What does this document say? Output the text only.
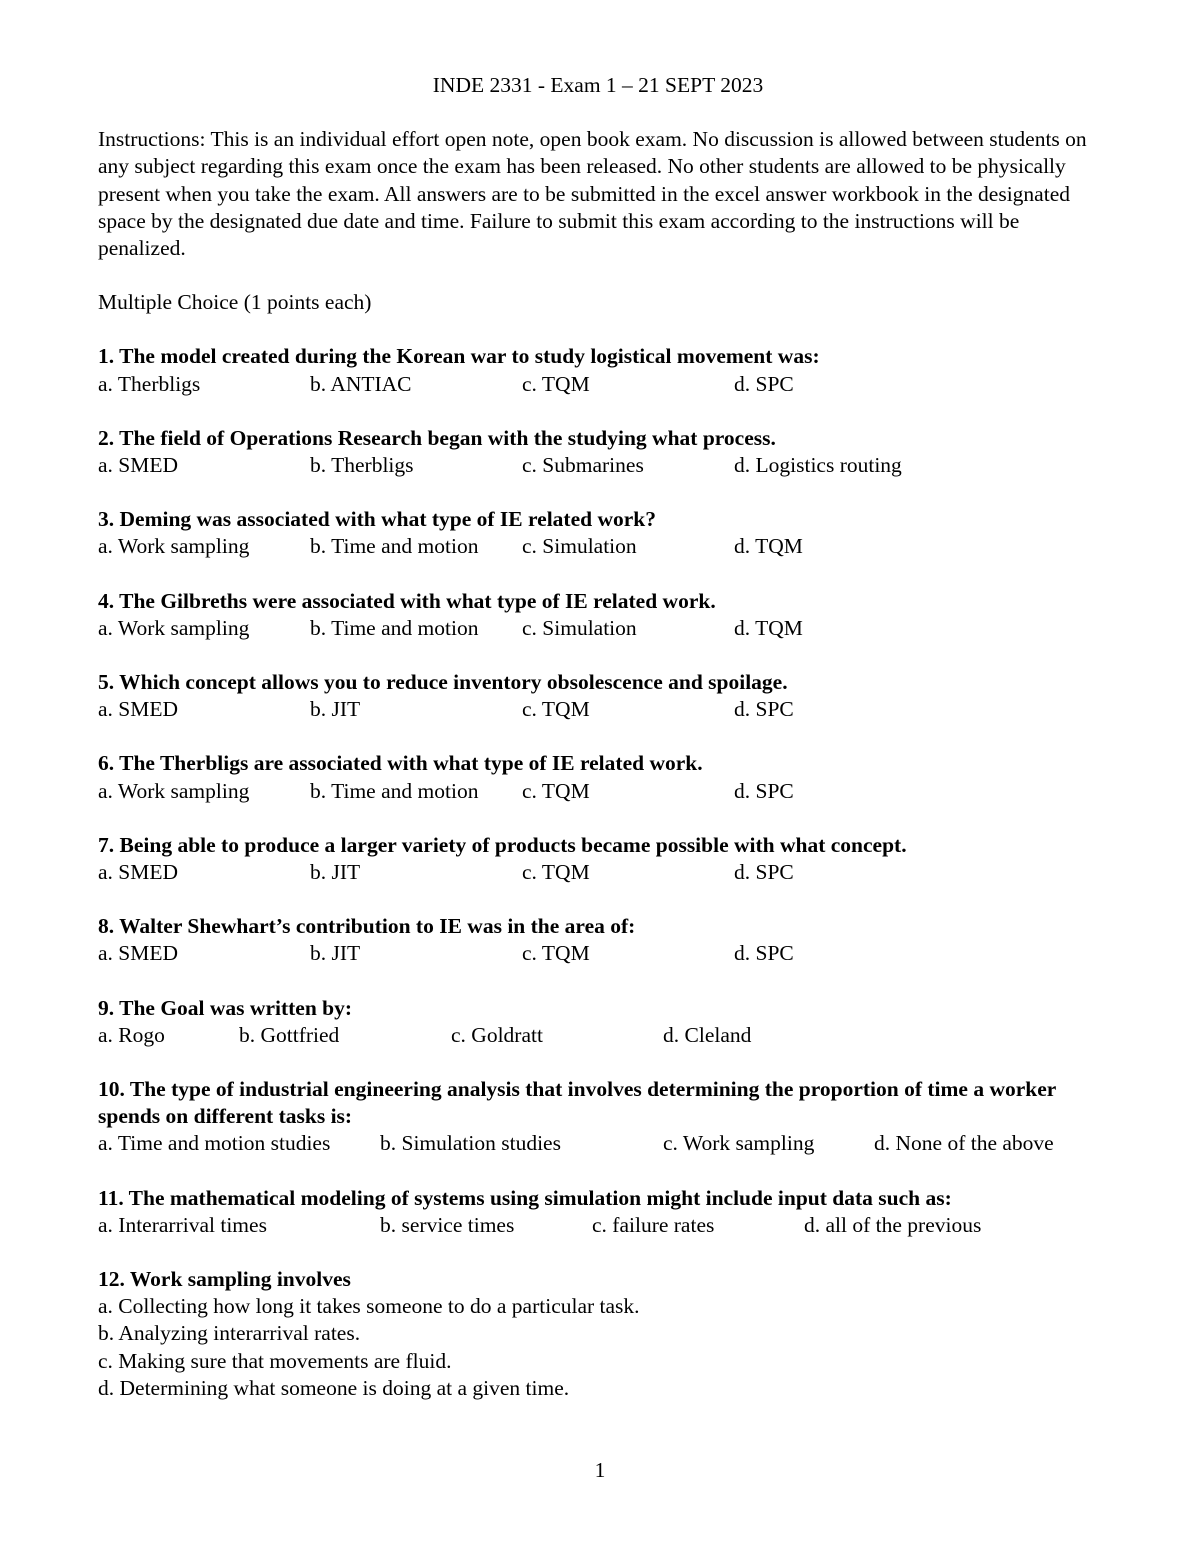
INDE 2331 - Exam 1 – 21 SEPT 2023
Instructions: This is an individual effort open note, open book exam. No discussion is allowed between students on any subject regarding this exam once the exam has been released. No other students are allowed to be physically present when you take the exam. All answers are to be submitted in the excel answer workbook in the designated space by the designated due date and time. Failure to submit this exam according to the instructions will be penalized.
Multiple Choice (1 points each)
1. The model created during the Korean war to study logistical movement was:
a. Therbligs	b. ANTIAC	c. TQM	d. SPC
2. The field of Operations Research began with the studying what process.
a. SMED	b. Therbligs	c. Submarines	d. Logistics routing
3. Deming was associated with what type of IE related work?
a. Work sampling	b. Time and motion c. Simulation	d. TQM
4. The Gilbreths were associated with what type of IE related work.
a. Work sampling	b. Time and motion c. Simulation	d. TQM
5. Which concept allows you to reduce inventory obsolescence and spoilage.
a. SMED	b. JIT	c. TQM	d. SPC
6. The Therbligs are associated with what type of IE related work.
a. Work sampling	b. Time and motion c. TQM	d. SPC
7. Being able to produce a larger variety of products became possible with what concept.
a. SMED	b. JIT	c. TQM	d. SPC
8. Walter Shewhart’s contribution to IE was in the area of:
a. SMED	b. JIT	c. TQM	d. SPC
9. The Goal was written by:
a. Rogo	b. Gottfried	c. Goldratt	d. Cleland
10. The type of industrial engineering analysis that involves determining the proportion of time a worker spends on different tasks is:
a. Time and motion studies b. Simulation studies	c. Work sampling	d. None of the above
11. The mathematical modeling of systems using simulation might include input data such as:
a. Interarrival times	b. service times	c. failure rates	d. all of the previous
12. Work sampling involves
a. Collecting how long it takes someone to do a particular task.
b. Analyzing interarrival rates.
c. Making sure that movements are fluid.
d. Determining what someone is doing at a given time.
1
